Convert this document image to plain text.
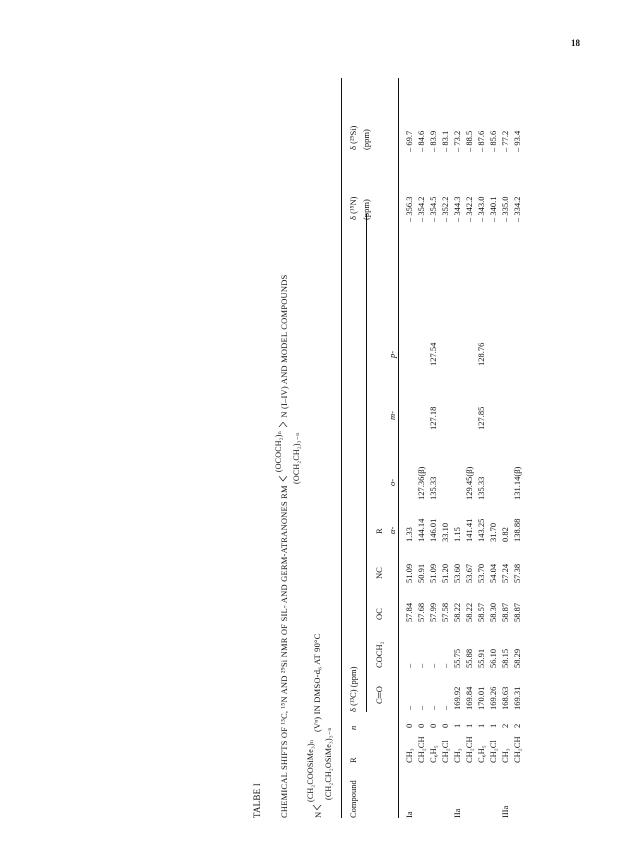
18
TALBE I CHEMICAL SHIFTS OF ¹³C, ¹⁵N AND ²⁹Si NMR OF SIL- AND GERM-ATRANONES RM < (OCOCH₂)ₙ > N (I–IV) AND MODEL COMPOUNDS
(OCH₂CH₂)₃₋ₙ
N<
(CH₂COOSiMe₃)ₙ
(Vⁿ) IN DMSO-d₆ AT 90°C
(CH₂CH₂OSiMe₃)₃₋ₙ Compound
R
n
δ (¹³C) (ppm)
δ (¹⁵N) (ppm)
δ (²⁹Si) (ppm)
C═O
COCH₂
OC
NC
R α-
o-
m-
p-
Ia
CH₃
0
–
–
57.84
51.09
1.33
– 356.3
– 69.7
CH₂CH
0
–
–
57.68
50.91
144.14
127.36(β)
– 354.2
– 84.6
C₆H₅
0
–
–
57.99
51.09
146.01
135.33
127.18
127.54
– 354.5
– 83.9
CH₂Cl
0
–
–
57.58
51.20
33.10
– 352.2
– 83.1
IIa
CH₃
1
169.92
55.75
58.22
53.60
1.15
– 344.3
– 73.2
CH₂CH
1
169.84
55.88
58.22
53.67
141.41
129.45(β)
– 342.2
– 88.5
C₆H₅
1
170.01
55.91
58.57
53.70
143.25
135.33
127.85
128.76
– 343.0
– 87.6
CH₂Cl
1
169.26
56.10
58.30
54.04
31.70
– 340.1
– 85.6
IIIa
CH₃
2
168.63
58.15
58.87
57.24
0.82
– 335.0
– 77.2
CH₂CH
2
169.31
58.29
58.87
57.38
138.88
131.14(β)
– 334.2
– 93.4
